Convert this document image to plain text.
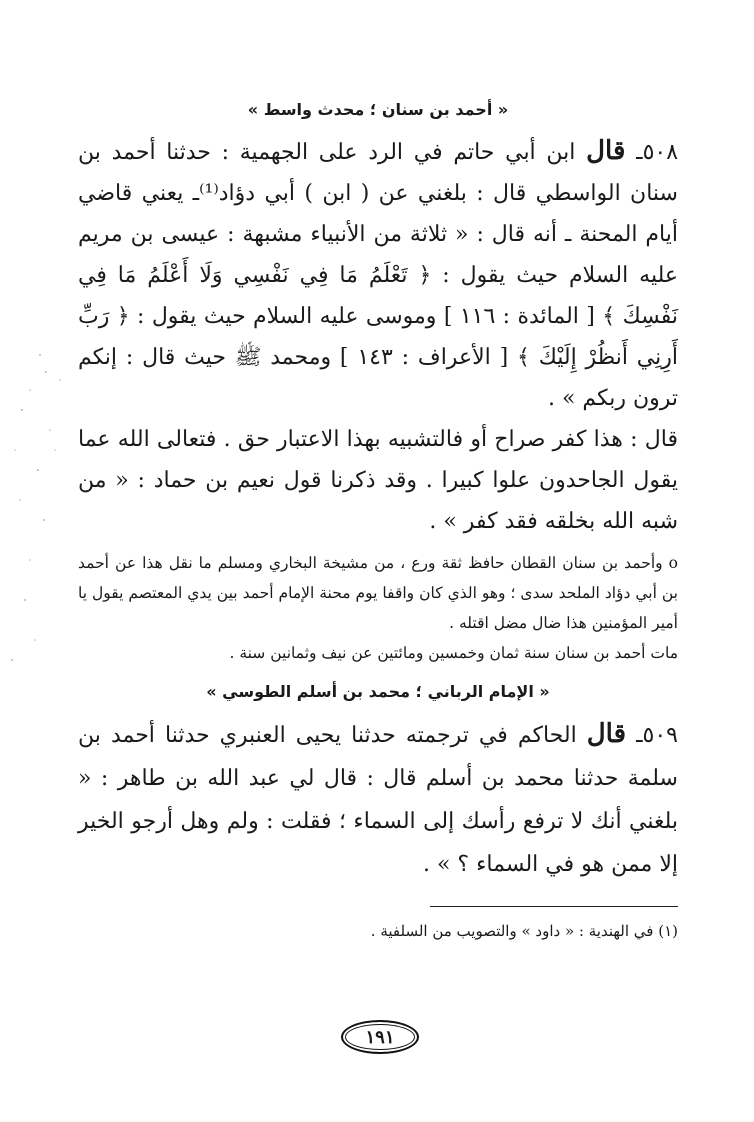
« أحمد بن سنان ؛ محدث واسط »

٥٠٨ـ قال ابن أبي حاتم في الرد على الجهمية : حدثنا أحمد بن سنان الواسطي قال : بلغني عن ( ابن ) أبي دؤاد⁽¹⁾ـ يعني قاضي أيام المحنة ـ أنه قال : « ثلاثة من الأنبياء مشبهة : عيسى بن مريم عليه السلام حيث يقول : ﴿ تَعْلَمُ مَا فِي نَفْسِي وَلَا أَعْلَمُ مَا فِي نَفْسِكَ ﴾ [ المائدة : ١١٦ ] وموسى عليه السلام حيث يقول : ﴿ رَبِّ أَرِنِي أَنظُرْ إِلَيْكَ ﴾ [ الأعراف : ١٤٣ ] ومحمد ﷺ حيث قال : إنكم ترون ربكم » .

قال : هذا كفر صراح أو فالتشبيه بهذا الاعتبار حق . فتعالى الله عما يقول الجاحدون علوا كبيرا . وقد ذكرنا قول نعيم بن حماد : « من شبه الله بخلقه فقد كفر » .

o وأحمد بن سنان القطان حافظ ثقة ورع ، من مشيخة البخاري ومسلم ما نقل هذا عن أحمد بن أبي دؤاد الملحد سدى ؛ وهو الذي كان واقفا يوم محنة الإمام أحمد بين يدي المعتصم يقول يا أمير المؤمنين هذا ضال مضل اقتله .

مات أحمد بن سنان سنة ثمان وخمسين ومائتين عن نيف وثمانين سنة .

« الإمام الرباني ؛ محمد بن أسلم الطوسي »

٥٠٩ـ قال الحاكم في ترجمته حدثنا يحيى العنبري حدثنا أحمد بن سلمة حدثنا محمد بن أسلم قال : قال لي عبد الله بن طاهر : « بلغني أنك لا ترفع رأسك إلى السماء ؛ فقلت : ولم وهل أرجو الخير إلا ممن هو في السماء ؟ » .

(١) في الهندية : « داود » والتصويب من السلفية .
١٩١
